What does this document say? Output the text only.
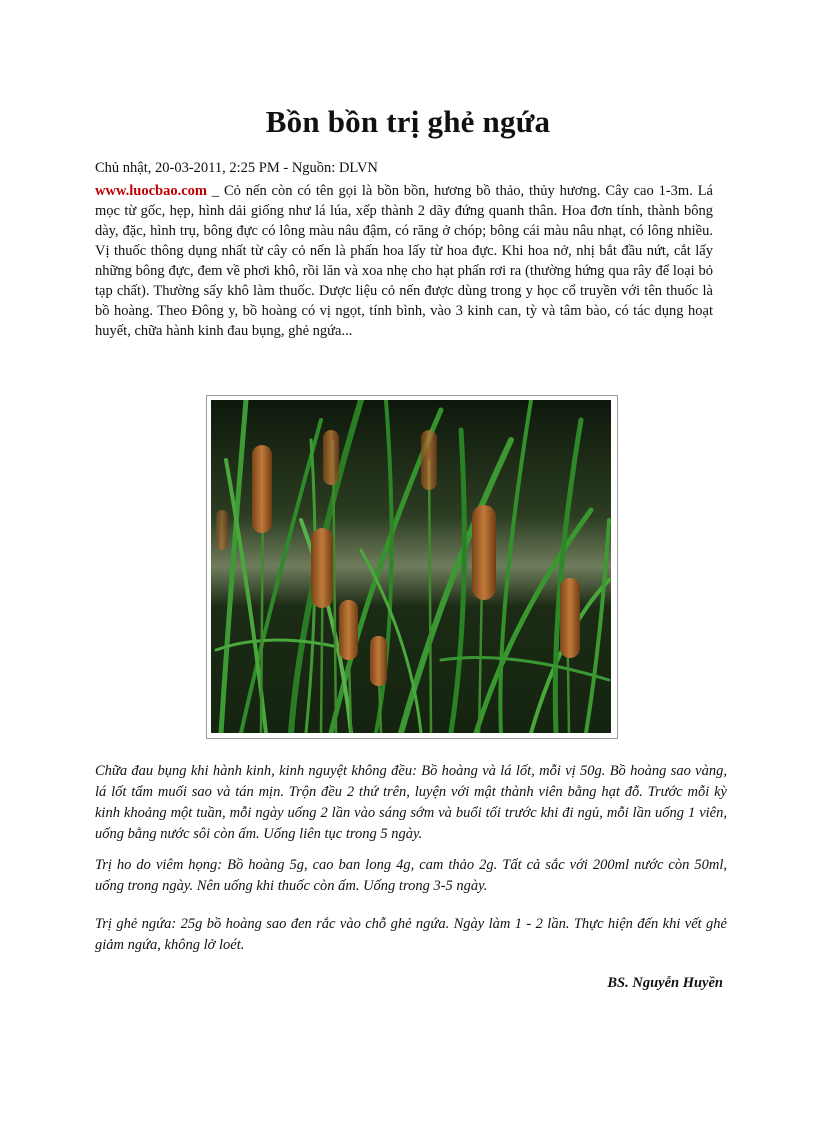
Bồn bồn trị ghẻ ngứa
Chủ nhật, 20-03-2011, 2:25 PM - Nguồn: DLVN

www.luocbao.com _ Cỏ nến còn có tên gọi là bồn bồn, hương bồ thảo, thủy hương. Cây cao 1-3m. Lá mọc từ gốc, hẹp, hình dải giống như lá lúa, xếp thành 2 dãy đứng quanh thân. Hoa đơn tính, thành bông dày, đặc, hình trụ, bông đực có lông màu nâu đậm, có răng ở chóp; bông cái màu nâu nhạt, có lông nhiều. Vị thuốc thông dụng nhất từ cây cỏ nến là phấn hoa lấy từ hoa đực. Khi hoa nở, nhị bắt đầu nứt, cắt lấy những bông đực, đem về phơi khô, rồi lăn và xoa nhẹ cho hạt phấn rơi ra (thường hứng qua rây để loại bỏ tạp chất). Thường sấy khô làm thuốc. Dược liệu cỏ nến được dùng trong y học cổ truyền với tên thuốc là bồ hoàng. Theo Đông y, bồ hoàng có vị ngọt, tính bình, vào 3 kinh can, tỳ và tâm bào, có tác dụng hoạt huyết, chữa hành kinh đau bụng, ghẻ ngứa...

Chữa đau bụng khi hành kinh, kinh nguyệt không đều: Bồ hoàng và lá lốt, mỗi vị 50g. Bồ hoàng sao vàng, lá lốt tẩm muối sao và tán mịn. Trộn đều 2 thứ trên, luyện với mật thành viên bằng hạt đỗ. Trước mỗi kỳ kinh khoảng một tuần, mỗi ngày uống 2 lần vào sáng sớm và buổi tối trước khi đi ngủ, mỗi lần uống 1 viên, uống bằng nước sôi còn ấm. Uống liên tục trong 5 ngày.

Trị ho do viêm họng: Bồ hoàng 5g, cao ban long 4g, cam thảo 2g. Tất cả sắc với 200ml nước còn 50ml, uống trong ngày. Nên uống khi thuốc còn ấm. Uống trong 3-5 ngày.

Trị ghẻ ngứa: 25g bồ hoàng sao đen rắc vào chỗ ghẻ ngứa. Ngày làm 1 - 2 lần. Thực hiện đến khi vết ghẻ giảm ngứa, không lở loét.

BS. Nguyễn Huyền
